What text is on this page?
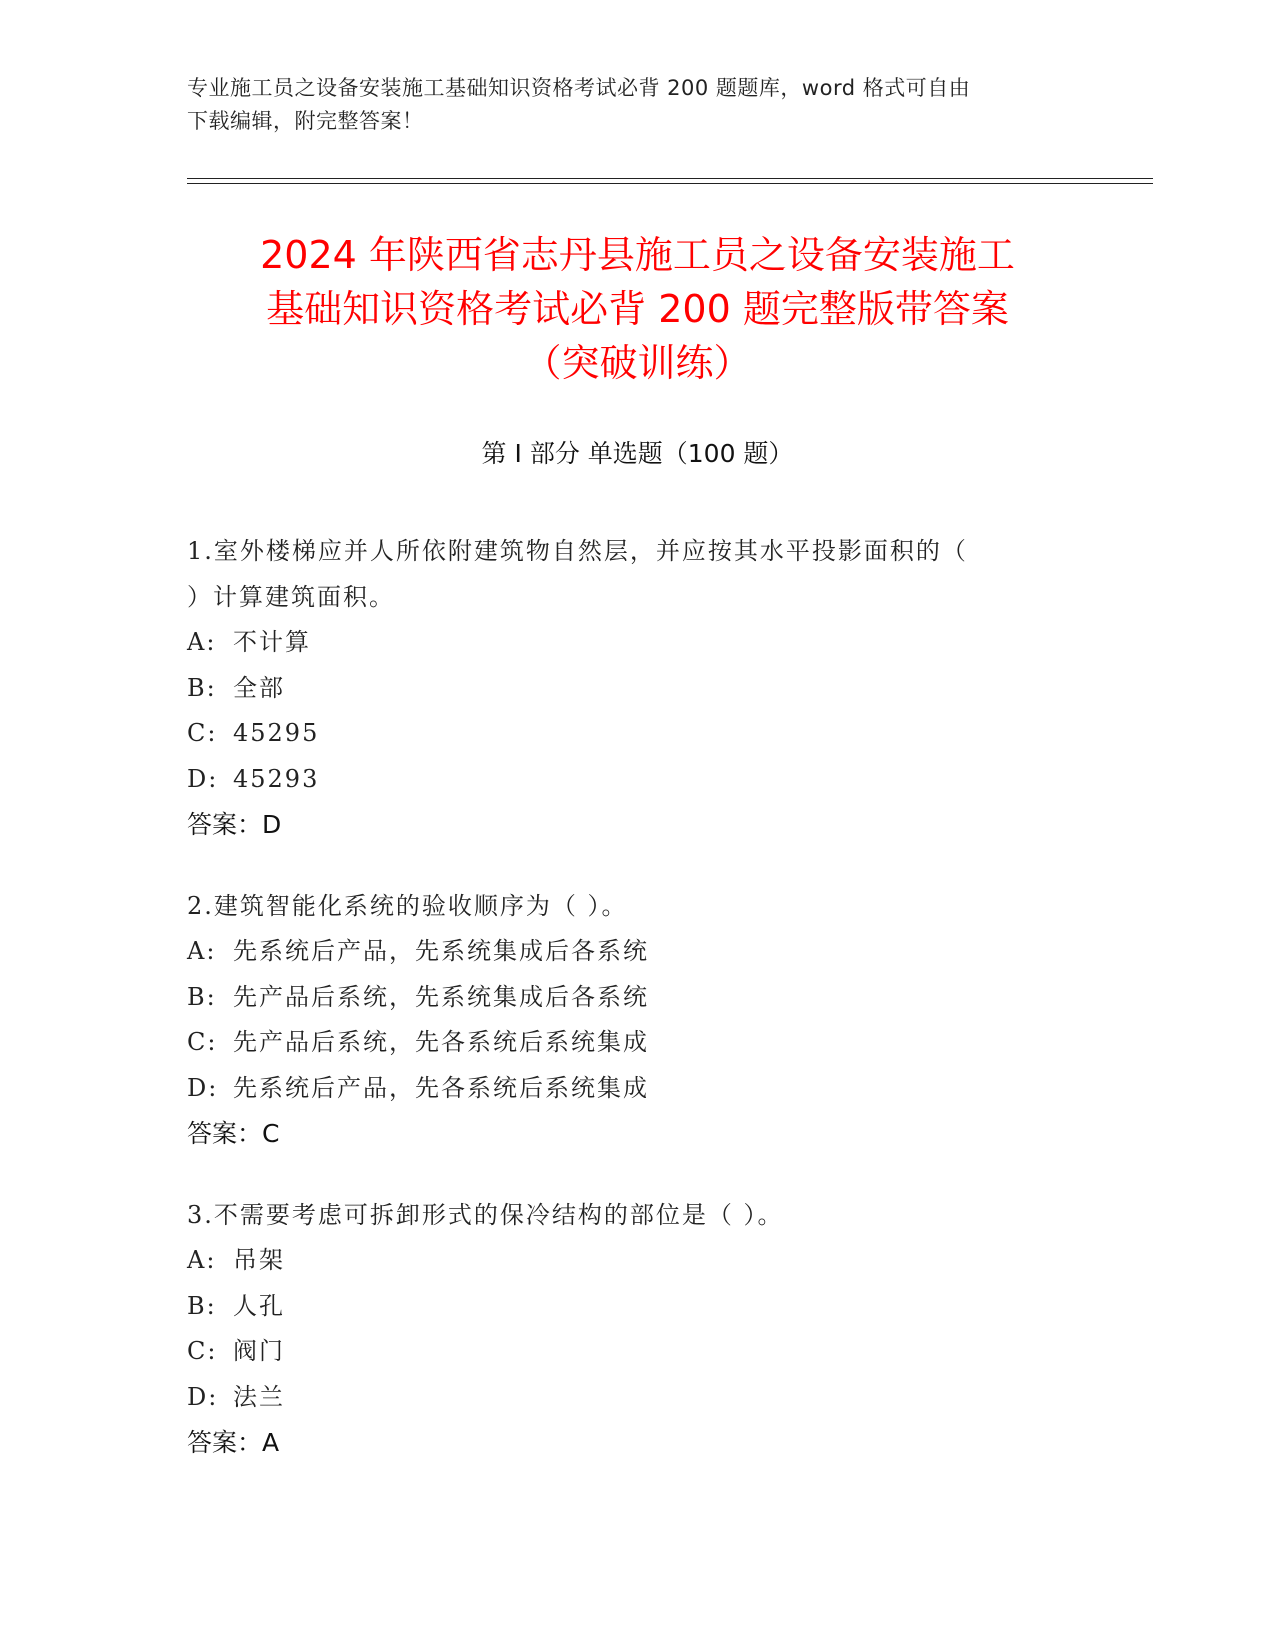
专业施工员之设备安装施工基础知识资格考试必背 200 题题库，word 格式可自由
下载编辑，附完整答案！
2024 年陕西省志丹县施工员之设备安装施工
基础知识资格考试必背 200 题完整版带答案
（突破训练）
第 I 部分 单选题（100 题）
1.室外楼梯应并人所依附建筑物自然层，并应按其水平投影面积的（
）计算建筑面积。
A: 不计算
B: 全部
C: 45295
D: 45293
答案：D
2.建筑智能化系统的验收顺序为（ ）。
A: 先系统后产品，先系统集成后各系统
B: 先产品后系统，先系统集成后各系统
C: 先产品后系统，先各系统后系统集成
D: 先系统后产品，先各系统后系统集成
答案：C
3.不需要考虑可拆卸形式的保冷结构的部位是（ ）。
A: 吊架
B: 人孔
C: 阀门
D: 法兰
答案：A
